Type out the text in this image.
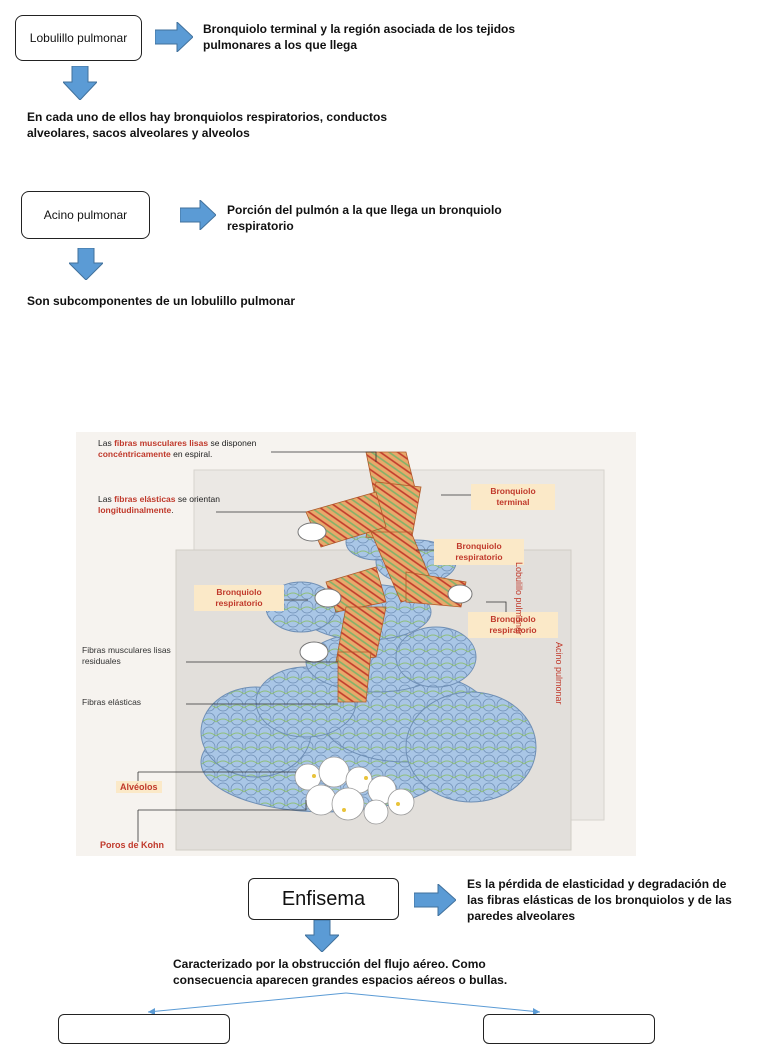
Lobulillo pulmonar
Bronquiolo terminal y la región asociada de los tejidos pulmonares a los que llega
En cada uno de ellos hay bronquiolos respiratorios, conductos alveolares, sacos alveolares y alveolos
Acino pulmonar	Porción del pulmón a la que llega un bronquiolo respiratorio
Son subcomponentes de un lobulillo pulmonar
Las fibras musculares lisas se disponen concéntricamente en espiral.
Las fibras elásticas se orientan longitudinalmente.
Bronquiolo terminal
Bronquiolo respiratorio
Bronquiolo respiratorio
Bronquiolo respiratorio
Fibras musculares lisas residuales
Fibras elásticas
Alvéolos
Poros de Kohn
Lobulillo pulmonar
Acino pulmonar
Enfisema
Es la pérdida de elasticidad y degradación de las fibras elásticas de los bronquiolos y de las paredes alveolares
Caracterizado por la obstrucción del flujo aéreo. Como consecuencia aparecen grandes espacios aéreos o bullas.
